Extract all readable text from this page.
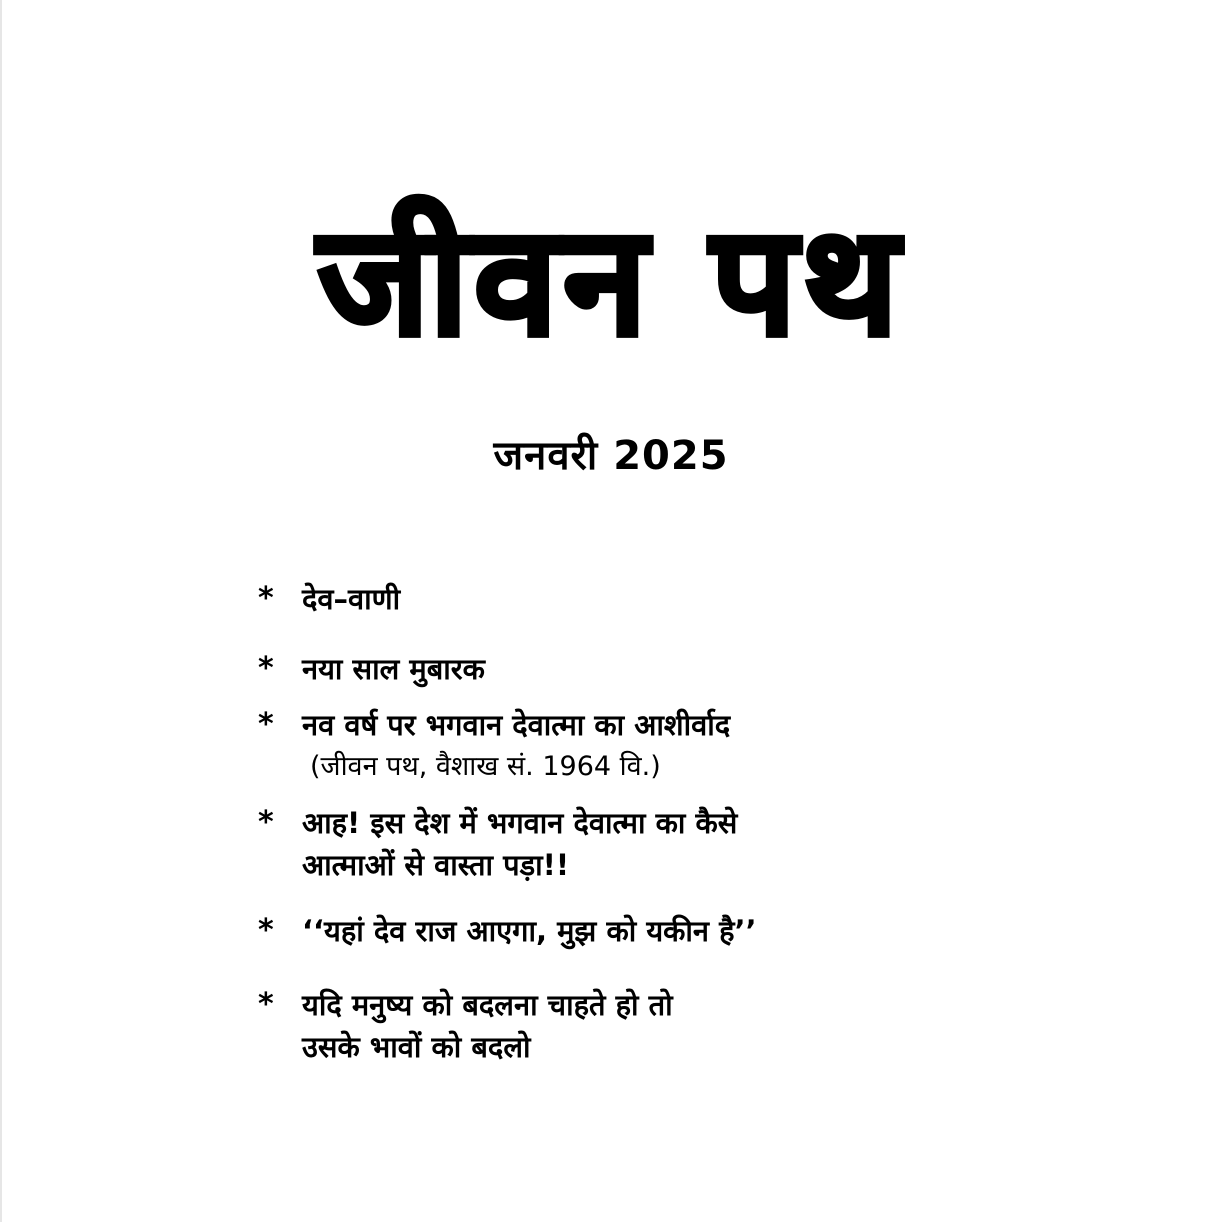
जीवन पथ
जनवरी 2025
* देव–वाणी
* नया साल मुबारक
* नव वर्ष पर भगवान देवात्मा का आशीर्वाद
(जीवन पथ, वैशाख सं. 1964 वि.)
* आह! इस देश में भगवान देवात्मा का कैसे
आत्माओं से वास्ता पड़ा!!
* ‘‘यहां देव राज आएगा, मुझ को यकीन है’’
* यदि मनुष्य को बदलना चाहते हो तो
उसके भावों को बदलो
